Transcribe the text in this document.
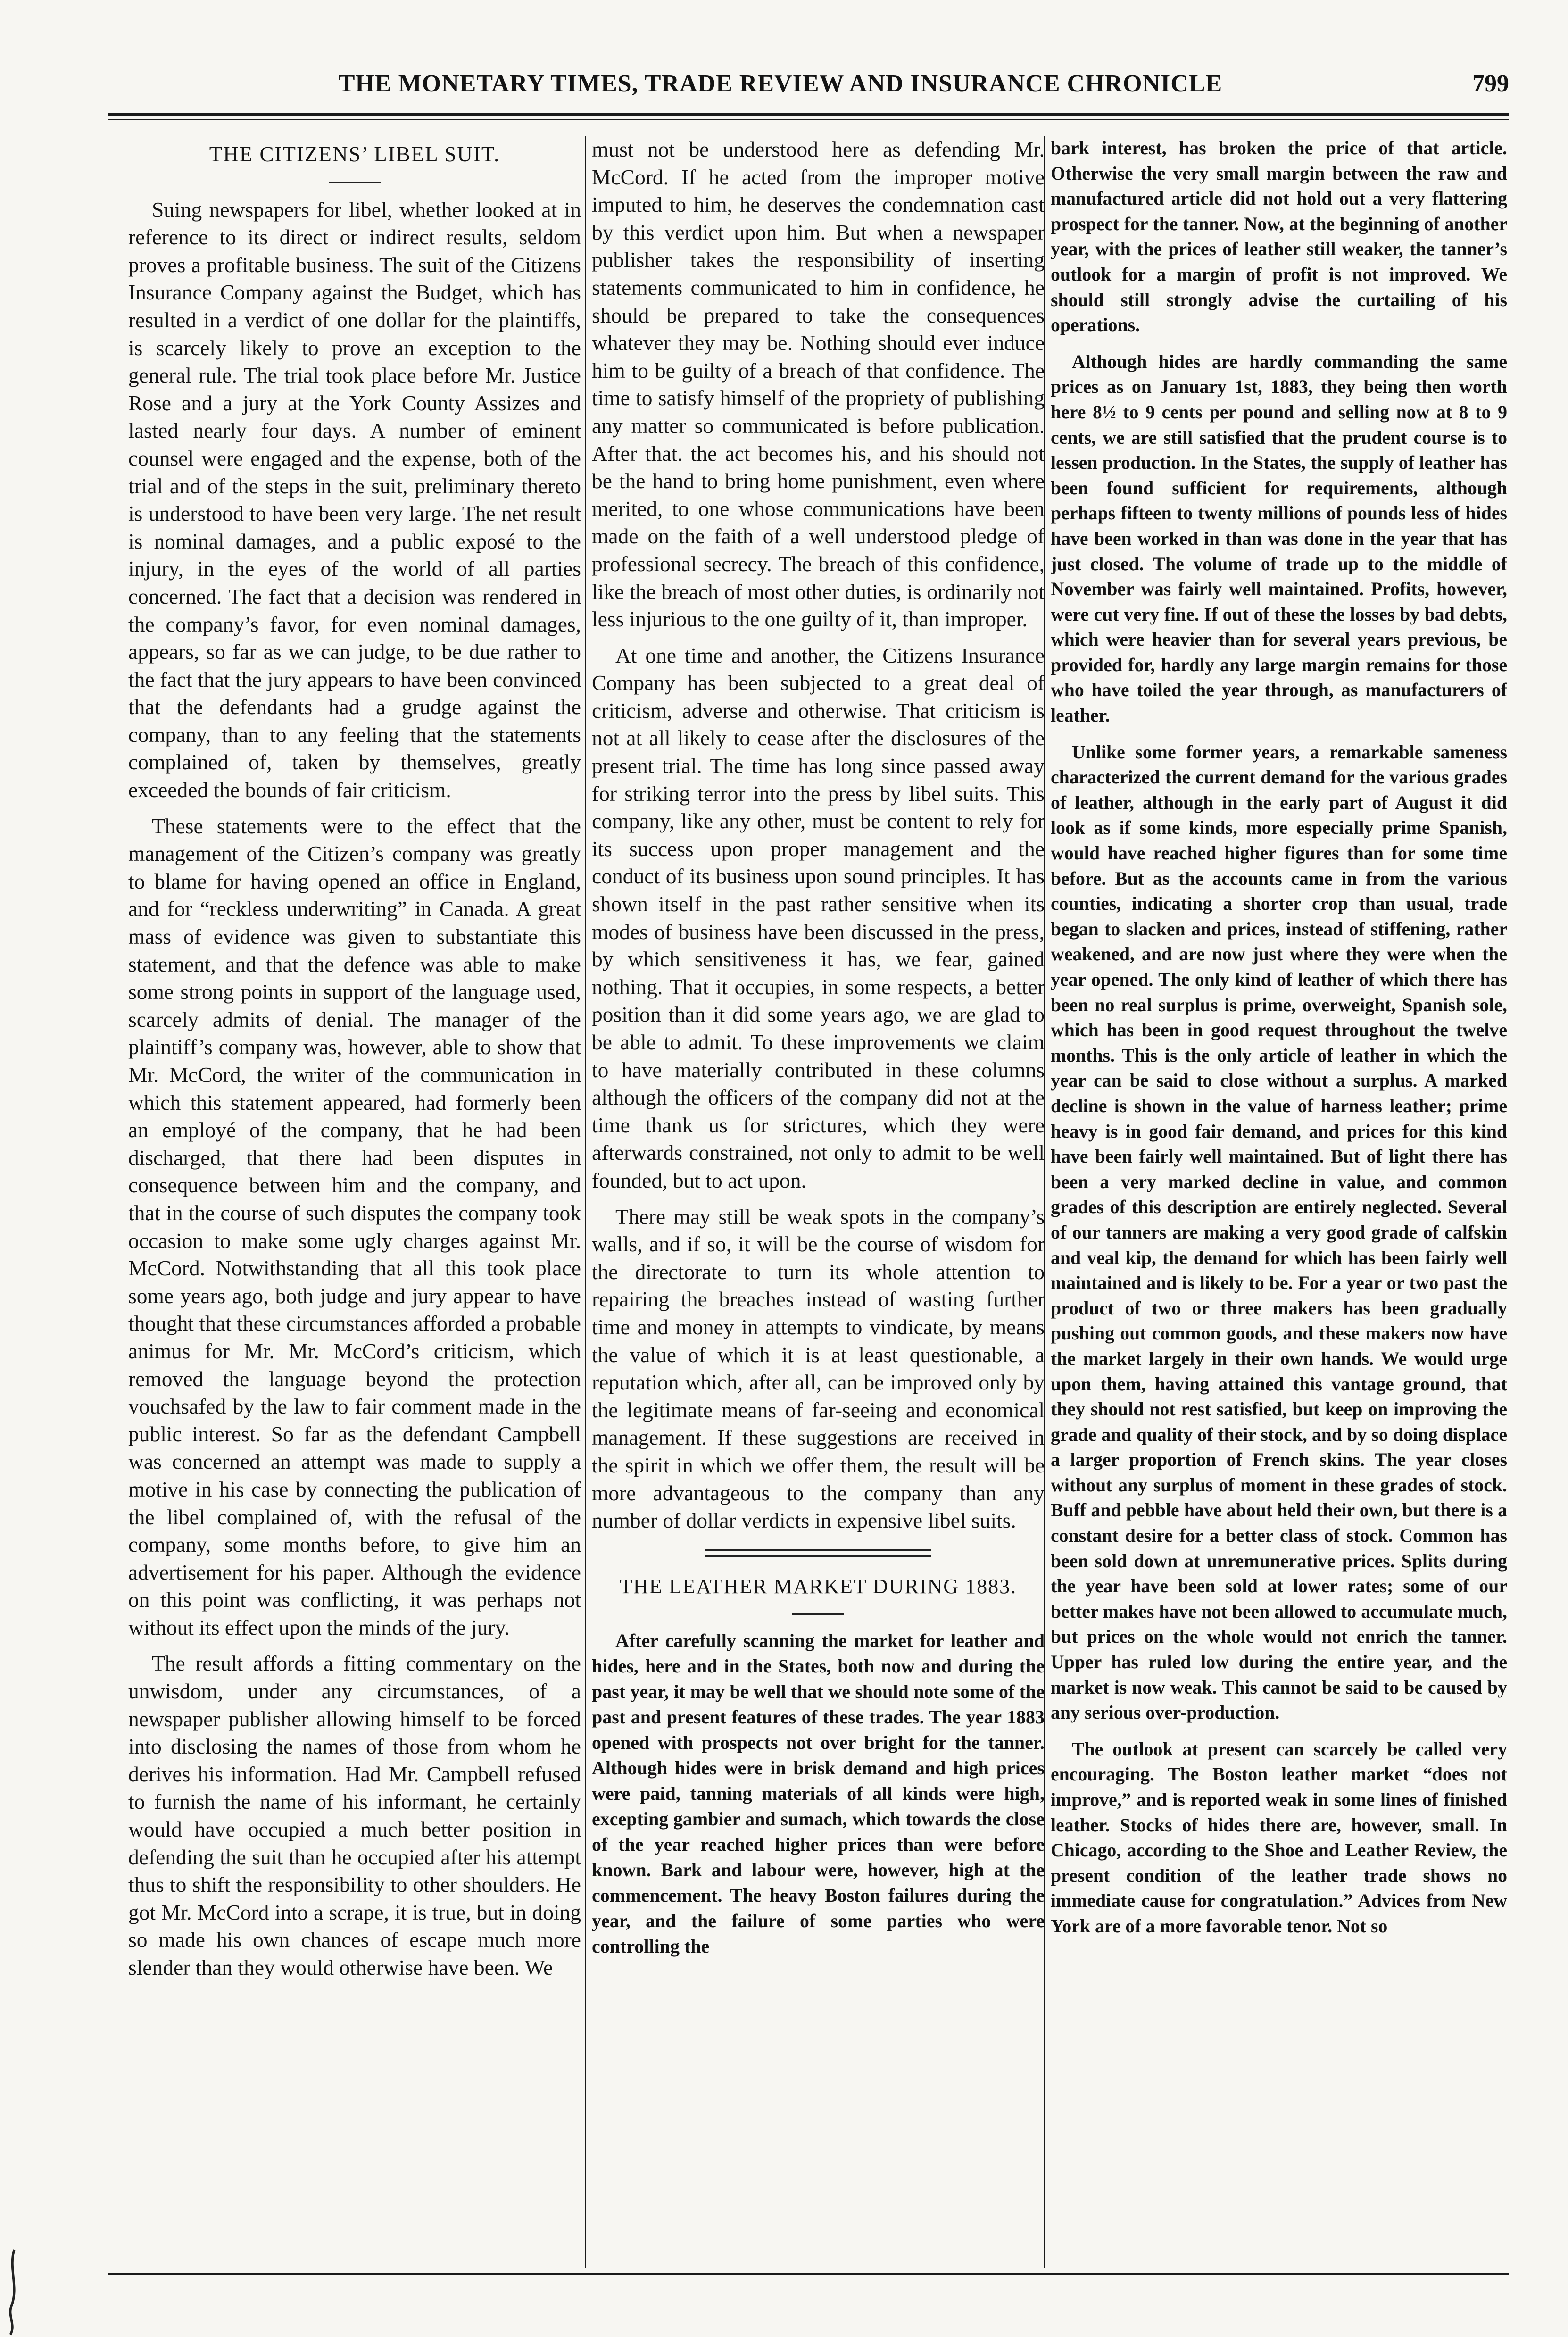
THE MONETARY TIMES, TRADE REVIEW AND INSURANCE CHRONICLE	799
THE CITIZENS’ LIBEL SUIT.

Suing newspapers for libel, whether looked at in reference to its direct or indirect results, seldom proves a profitable business. The suit of the Citizens Insurance Company against the Budget, which has resulted in a verdict of one dollar for the plaintiffs, is scarcely likely to prove an exception to the general rule. The trial took place before Mr. Justice Rose and a jury at the York County Assizes and lasted nearly four days. A number of eminent counsel were engaged and the expense, both of the trial and of the steps in the suit, preliminary thereto is understood to have been very large. The net result is nominal damages, and a public exposé to the injury, in the eyes of the world of all parties concerned. The fact that a decision was rendered in the company’s favor, for even nominal damages, appears, so far as we can judge, to be due rather to the fact that the jury appears to have been convinced that the defendants had a grudge against the company, than to any feeling that the statements complained of, taken by themselves, greatly exceeded the bounds of fair criticism.

These statements were to the effect that the management of the Citizen’s company was greatly to blame for having opened an office in England, and for “reckless underwriting” in Canada. A great mass of evidence was given to substantiate this statement, and that the defence was able to make some strong points in support of the language used, scarcely admits of denial. The manager of the plaintiff’s company was, however, able to show that Mr. McCord, the writer of the communication in which this statement appeared, had formerly been an employé of the company, that he had been discharged, that there had been disputes in consequence between him and the company, and that in the course of such disputes the company took occasion to make some ugly charges against Mr. McCord. Notwithstanding that all this took place some years ago, both judge and jury appear to have thought that these circumstances afforded a probable animus for Mr. Mr. McCord’s criticism, which removed the language beyond the protection vouchsafed by the law to fair comment made in the public interest. So far as the defendant Campbell was concerned an attempt was made to supply a motive in his case by connecting the publication of the libel complained of, with the refusal of the company, some months before, to give him an advertisement for his paper. Although the evidence on this point was conflicting, it was perhaps not without its effect upon the minds of the jury.

The result affords a fitting commentary on the unwisdom, under any circumstances, of a newspaper publisher allowing himself to be forced into disclosing the names of those from whom he derives his information. Had Mr. Campbell refused to furnish the name of his informant, he certainly would have occupied a much better position in defending the suit than he occupied after his attempt thus to shift the responsibility to other shoulders. He got Mr. McCord into a scrape, it is true, but in doing so made his own chances of escape much more slender than they would otherwise have been. We

must not be understood here as defending Mr. McCord. If he acted from the improper motive imputed to him, he deserves the condemnation cast by this verdict upon him. But when a newspaper publisher takes the responsibility of inserting statements communicated to him in confidence, he should be prepared to take the consequences whatever they may be. Nothing should ever induce him to be guilty of a breach of that confidence. The time to satisfy himself of the propriety of publishing any matter so communicated is before publication. After that. the act becomes his, and his should not be the hand to bring home punishment, even where merited, to one whose communications have been made on the faith of a well understood pledge of professional secrecy. The breach of this confidence, like the breach of most other duties, is ordinarily not less injurious to the one guilty of it, than improper.

At one time and another, the Citizens Insurance Company has been subjected to a great deal of criticism, adverse and otherwise. That criticism is not at all likely to cease after the disclosures of the present trial. The time has long since passed away for striking terror into the press by libel suits. This company, like any other, must be content to rely for its success upon proper management and the conduct of its business upon sound principles. It has shown itself in the past rather sensitive when its modes of business have been discussed in the press, by which sensitiveness it has, we fear, gained nothing. That it occupies, in some respects, a better position than it did some years ago, we are glad to be able to admit. To these improvements we claim to have materially contributed in these columns although the officers of the company did not at the time thank us for strictures, which they were afterwards constrained, not only to admit to be well founded, but to act upon.

There may still be weak spots in the company’s walls, and if so, it will be the course of wisdom for the directorate to turn its whole attention to repairing the breaches instead of wasting further time and money in attempts to vindicate, by means the value of which it is at least questionable, a reputation which, after all, can be improved only by the legitimate means of far-seeing and economical management. If these suggestions are received in the spirit in which we offer them, the result will be more advantageous to the company than any number of dollar verdicts in expensive libel suits.

THE LEATHER MARKET DURING 1883.

After carefully scanning the market for leather and hides, here and in the States, both now and during the past year, it may be well that we should note some of the past and present features of these trades. The year 1883 opened with prospects not over bright for the tanner. Although hides were in brisk demand and high prices were paid, tanning materials of all kinds were high, excepting gambier and sumach, which towards the close of the year reached higher prices than were before known. Bark and labour were, however, high at the commencement. The heavy Boston failures during the year, and the failure of some parties who were controlling the

bark interest, has broken the price of that article. Otherwise the very small margin between the raw and manufactured article did not hold out a very flattering prospect for the tanner. Now, at the beginning of another year, with the prices of leather still weaker, the tanner’s outlook for a margin of profit is not improved. We should still strongly advise the curtailing of his operations.

Although hides are hardly commanding the same prices as on January 1st, 1883, they being then worth here 8½ to 9 cents per pound and selling now at 8 to 9 cents, we are still satisfied that the prudent course is to lessen production. In the States, the supply of leather has been found sufficient for requirements, although perhaps fifteen to twenty millions of pounds less of hides have been worked in than was done in the year that has just closed. The volume of trade up to the middle of November was fairly well maintained. Profits, however, were cut very fine. If out of these the losses by bad debts, which were heavier than for several years previous, be provided for, hardly any large margin remains for those who have toiled the year through, as manufacturers of leather.

Unlike some former years, a remarkable sameness characterized the current demand for the various grades of leather, although in the early part of August it did look as if some kinds, more especially prime Spanish, would have reached higher figures than for some time before. But as the accounts came in from the various counties, indicating a shorter crop than usual, trade began to slacken and prices, instead of stiffening, rather weakened, and are now just where they were when the year opened. The only kind of leather of which there has been no real surplus is prime, overweight, Spanish sole, which has been in good request throughout the twelve months. This is the only article of leather in which the year can be said to close without a surplus. A marked decline is shown in the value of harness leather; prime heavy is in good fair demand, and prices for this kind have been fairly well maintained. But of light there has been a very marked decline in value, and common grades of this description are entirely neglected. Several of our tanners are making a very good grade of calfskin and veal kip, the demand for which has been fairly well maintained and is likely to be. For a year or two past the product of two or three makers has been gradually pushing out common goods, and these makers now have the market largely in their own hands. We would urge upon them, having attained this vantage ground, that they should not rest satisfied, but keep on improving the grade and quality of their stock, and by so doing displace a larger proportion of French skins. The year closes without any surplus of moment in these grades of stock. Buff and pebble have about held their own, but there is a constant desire for a better class of stock. Common has been sold down at unremunerative prices. Splits during the year have been sold at lower rates; some of our better makes have not been allowed to accumulate much, but prices on the whole would not enrich the tanner. Upper has ruled low during the entire year, and the market is now weak. This cannot be said to be caused by any serious over-production.

The outlook at present can scarcely be called very encouraging. The Boston leather market “does not improve,” and is reported weak in some lines of finished leather. Stocks of hides there are, however, small. In Chicago, according to the Shoe and Leather Review, the present condition of the leather trade shows no immediate cause for congratulation.” Advices from New York are of a more favorable tenor. Not so
